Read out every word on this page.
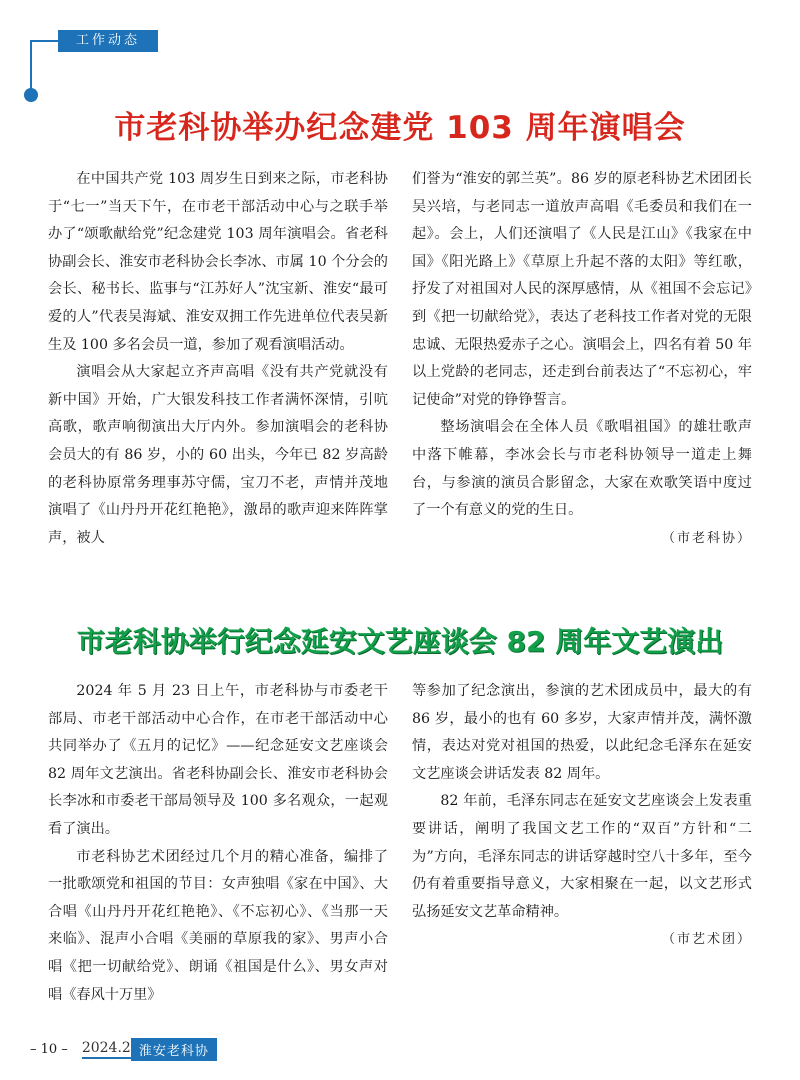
工作动态
市老科协举办纪念建党 103 周年演唱会

在中国共产党 103 周岁生日到来之际，市老科协于“七一”当天下午，在市老干部活动中心与之联手举办了“颂歌献给党”纪念建党 103 周年演唱会。省老科协副会长、淮安市老科协会长李冰、市属 10 个分会的会长、秘书长、监事与“江苏好人”沈宝新、淮安“最可爱的人”代表吴海斌、淮安双拥工作先进单位代表吴新生及 100 多名会员一道，参加了观看演唱活动。

演唱会从大家起立齐声高唱《没有共产党就没有新中国》开始，广大银发科技工作者满怀深情，引吭高歌，歌声响彻演出大厅内外。参加演唱会的老科协会员大的有 86 岁，小的 60 出头，今年已 82 岁高龄的老科协原常务理事苏守儒，宝刀不老，声情并茂地演唱了《山丹丹开花红艳艳》，激昂的歌声迎来阵阵掌声，被人

们誉为“淮安的郭兰英”。86 岁的原老科协艺术团团长吴兴培，与老同志一道放声高唱《毛委员和我们在一起》。会上，人们还演唱了《人民是江山》《我家在中国》《阳光路上》《草原上升起不落的太阳》等红歌，抒发了对祖国对人民的深厚感情，从《祖国不会忘记》到《把一切献给党》，表达了老科技工作者对党的无限忠诚、无限热爱赤子之心。演唱会上，四名有着 50 年以上党龄的老同志，还走到台前表达了“不忘初心，牢记使命”对党的铮铮誓言。

整场演唱会在全体人员《歌唱祖国》的雄壮歌声中落下帷幕，李冰会长与市老科协领导一道走上舞台，与参演的演员合影留念，大家在欢歌笑语中度过了一个有意义的党的生日。

（市老科协）
市老科协举行纪念延安文艺座谈会 82 周年文艺演出

2024 年 5 月 23 日上午，市老科协与市委老干部局、市老干部活动中心合作，在市老干部活动中心共同举办了《五月的记忆》——纪念延安文艺座谈会 82 周年文艺演出。省老科协副会长、淮安市老科协会长李冰和市委老干部局领导及 100 多名观众，一起观看了演出。

市老科协艺术团经过几个月的精心准备，编排了一批歌颂党和祖国的节目：女声独唱《家在中国》、大合唱《山丹丹开花红艳艳》、《不忘初心》、《当那一天来临》、混声小合唱《美丽的草原我的家》、男声小合唱《把一切献给党》、朗诵《祖国是什么》、男女声对唱《春风十万里》

等参加了纪念演出，参演的艺术团成员中，最大的有 86 岁，最小的也有 60 多岁，大家声情并茂，满怀激情，表达对党对祖国的热爱，以此纪念毛泽东在延安文艺座谈会讲话发表 82 周年。

82 年前，毛泽东同志在延安文艺座谈会上发表重要讲话，阐明了我国文艺工作的“双百”方针和“二为”方向，毛泽东同志的讲话穿越时空八十多年，至今仍有着重要指导意义，大家相聚在一起，以文艺形式弘扬延安文艺革命精神。

（市艺术团）
– 10 – 2024.2 淮安老科协
